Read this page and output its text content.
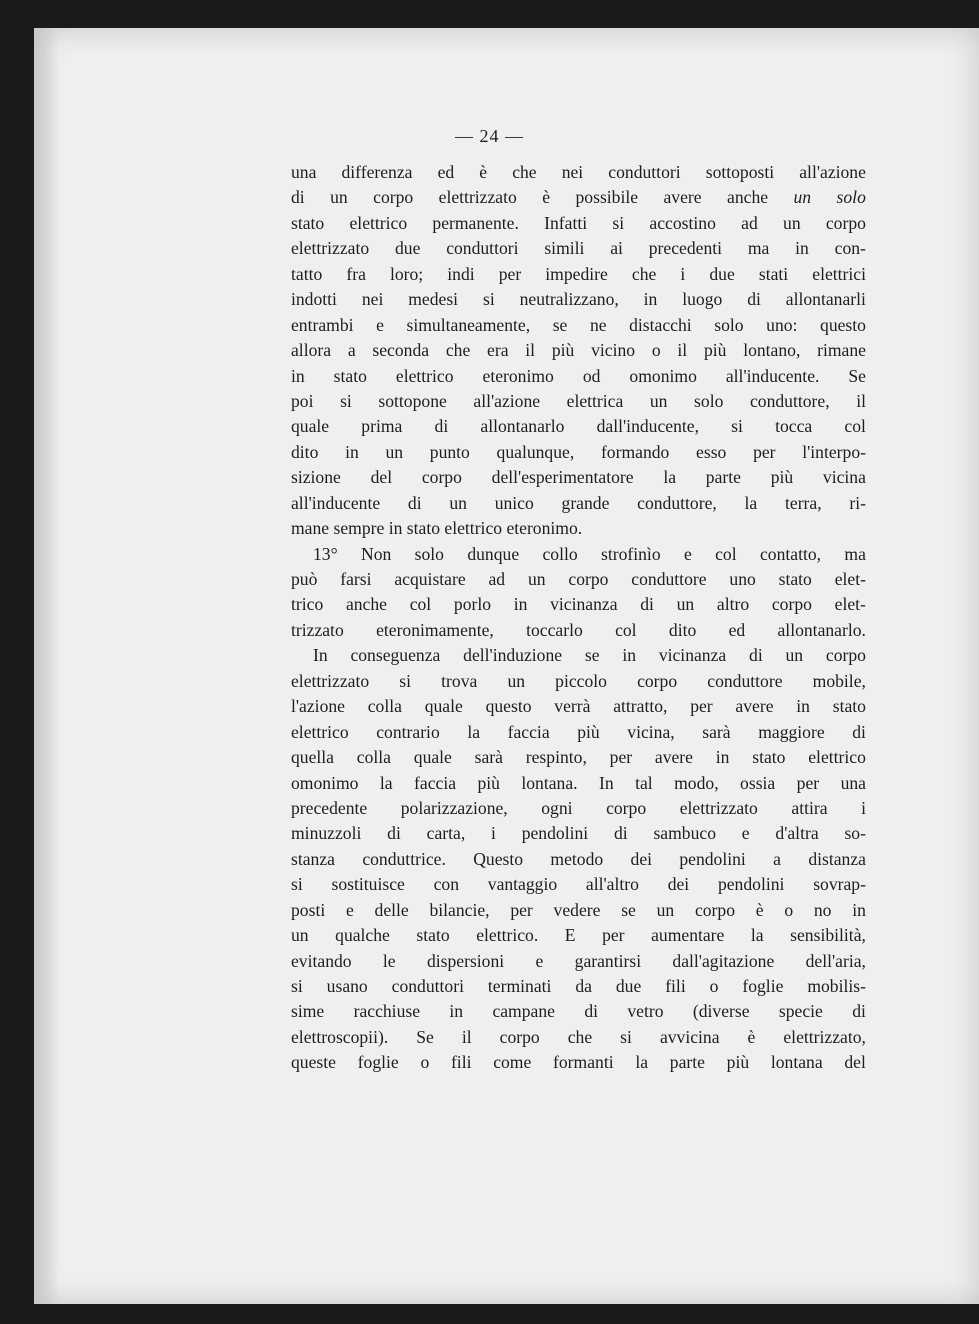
— 24 —
una differenza ed è che nei conduttori sottoposti all'azione
di un corpo elettrizzato è possibile avere anche un solo
stato elettrico permanente. Infatti si accostino ad un corpo
elettrizzato due conduttori simili ai precedenti ma in con-
tatto fra loro; indi per impedire che i due stati elettrici
indotti nei medesi si neutralizzano, in luogo di allontanarli
entrambi e simultaneamente, se ne distacchi solo uno: questo
allora a seconda che era il più vicino o il più lontano, rimane
in stato elettrico eteronimo od omonimo all'inducente. Se
poi si sottopone all'azione elettrica un solo conduttore, il
quale prima di allontanarlo dall'inducente, si tocca col
dito in un punto qualunque, formando esso per l'interpo-
sizione del corpo dell'esperimentatore la parte più vicina
all'inducente di un unico grande conduttore, la terra, ri-
mane sempre in stato elettrico eteronimo.
13° Non solo dunque collo strofinìo e col contatto, ma
può farsi acquistare ad un corpo conduttore uno stato elet-
trico anche col porlo in vicinanza di un altro corpo elet-
trizzato eteronimamente, toccarlo col dito ed allontanarlo.
In conseguenza dell'induzione se in vicinanza di un corpo
elettrizzato si trova un piccolo corpo conduttore mobile,
l'azione colla quale questo verrà attratto, per avere in stato
elettrico contrario la faccia più vicina, sarà maggiore di
quella colla quale sarà respinto, per avere in stato elettrico
omonimo la faccia più lontana. In tal modo, ossia per una
precedente polarizzazione, ogni corpo elettrizzato attira i
minuzzoli di carta, i pendolini di sambuco e d'altra so-
stanza conduttrice. Questo metodo dei pendolini a distanza
si sostituisce con vantaggio all'altro dei pendolini sovrap-
posti e delle bilancie, per vedere se un corpo è o no in
un qualche stato elettrico. E per aumentare la sensibilità,
evitando le dispersioni e garantirsi dall'agitazione dell'aria,
si usano conduttori terminati da due fili o foglie mobilis-
sime racchiuse in campane di vetro (diverse specie di
elettroscopii). Se il corpo che si avvicina è elettrizzato,
queste foglie o fili come formanti la parte più lontana del
